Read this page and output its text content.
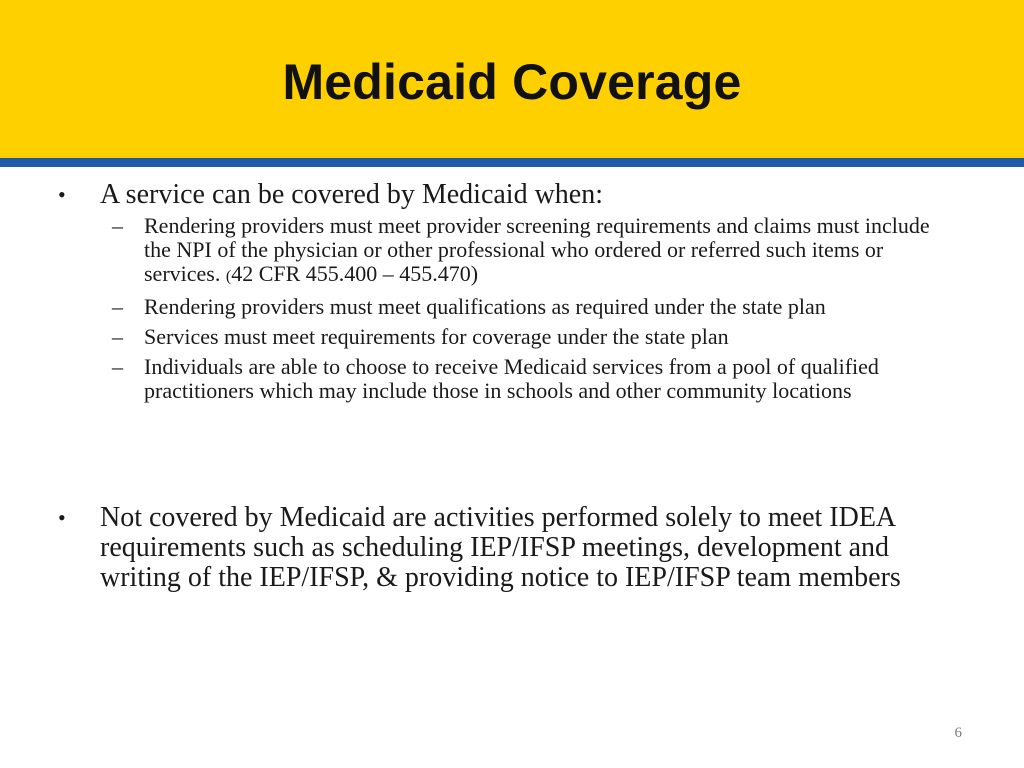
Medicaid Coverage
•	A service can be covered by Medicaid when:
– Rendering providers must meet provider screening requirements and claims must include the NPI of the physician or other professional who ordered or referred such items or services. (42 CFR 455.400 – 455.470)
– Rendering providers must meet qualifications as required under the state plan
– Services must meet requirements for coverage under the state plan
– Individuals are able to choose to receive Medicaid services from a pool of qualified practitioners which may include those in schools and other community locations
•	Not covered by Medicaid are activities performed solely to meet IDEA requirements such as scheduling IEP/IFSP meetings, development and writing of the IEP/IFSP, & providing notice to IEP/IFSP team members
6
